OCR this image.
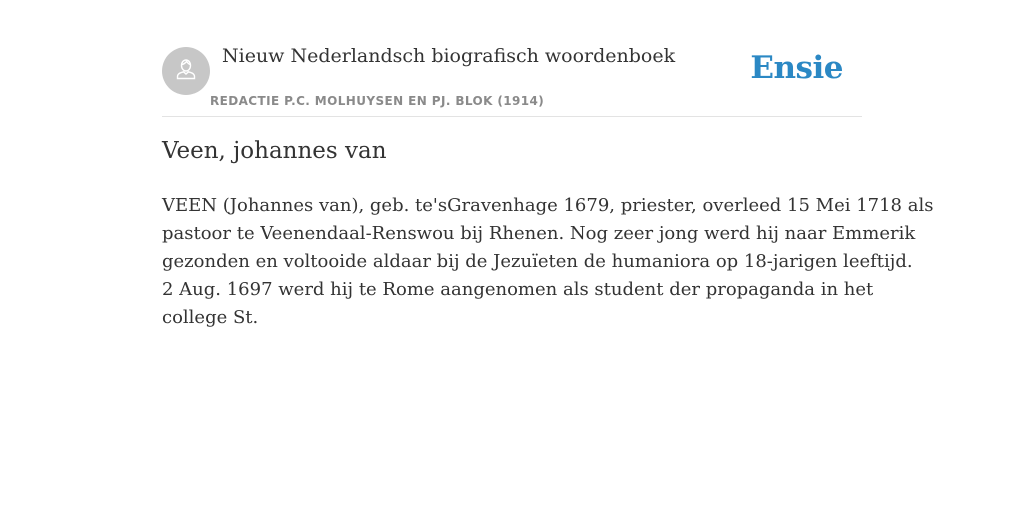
Nieuw Nederlandsch biografisch woordenboek
REDACTIE P.C. MOLHUYSEN EN PJ. BLOK (1914)
Ensie
Veen, johannes van

VEEN (Johannes van), geb. te'sGravenhage 1679, priester, overleed 15 Mei 1718 als
pastoor te Veenendaal-Renswou bij Rhenen. Nog zeer jong werd hij naar Emmerik
gezonden en voltooide aldaar bij de Jezuïeten de humaniora op 18-jarigen leeftijd.
2 Aug. 1697 werd hij te Rome aangenomen als student der propaganda in het
college St.
